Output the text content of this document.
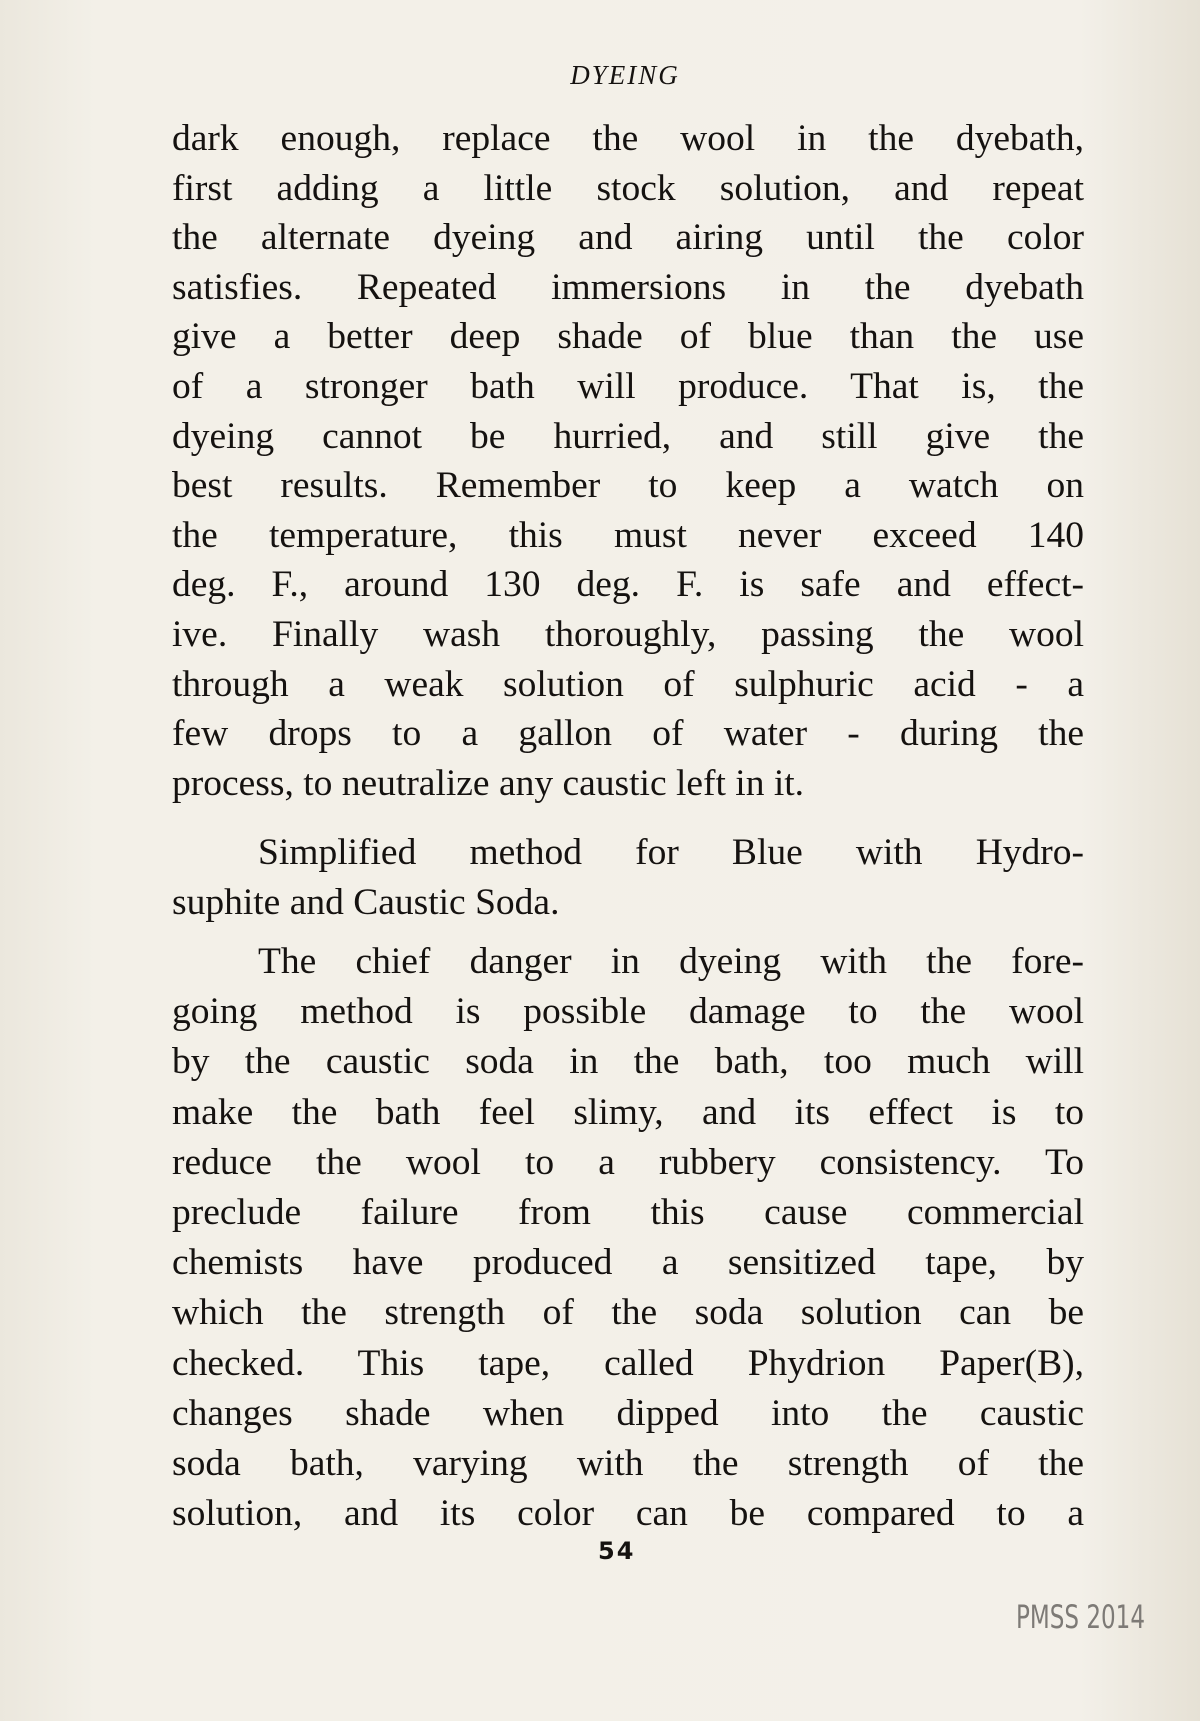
DYEING
dark enough, replace the wool in the dyebath,
first adding a little stock solution, and repeat
the alternate dyeing and airing until the color
satisfies. Repeated immersions in the dyebath
give a better deep shade of blue than the use
of a stronger bath will produce. That is, the
dyeing cannot be hurried, and still give the
best results. Remember to keep a watch on
the temperature, this must never exceed 140
deg. F., around 130 deg. F. is safe and effect-
ive. Finally wash thoroughly, passing the wool
through a weak solution of sulphuric acid - a
few drops to a gallon of water - during the
process, to neutralize any caustic left in it.
Simplified method for Blue with Hydro-
suphite and Caustic Soda.
The chief danger in dyeing with the fore-
going method is possible damage to the wool
by the caustic soda in the bath, too much will
make the bath feel slimy, and its effect is to
reduce the wool to a rubbery consistency. To
preclude failure from this cause commercial
chemists have produced a sensitized tape, by
which the strength of the soda solution can be
checked. This tape, called Phydrion Paper(B),
changes shade when dipped into the caustic
soda bath, varying with the strength of the
solution, and its color can be compared to a
54
PMSS 2014
